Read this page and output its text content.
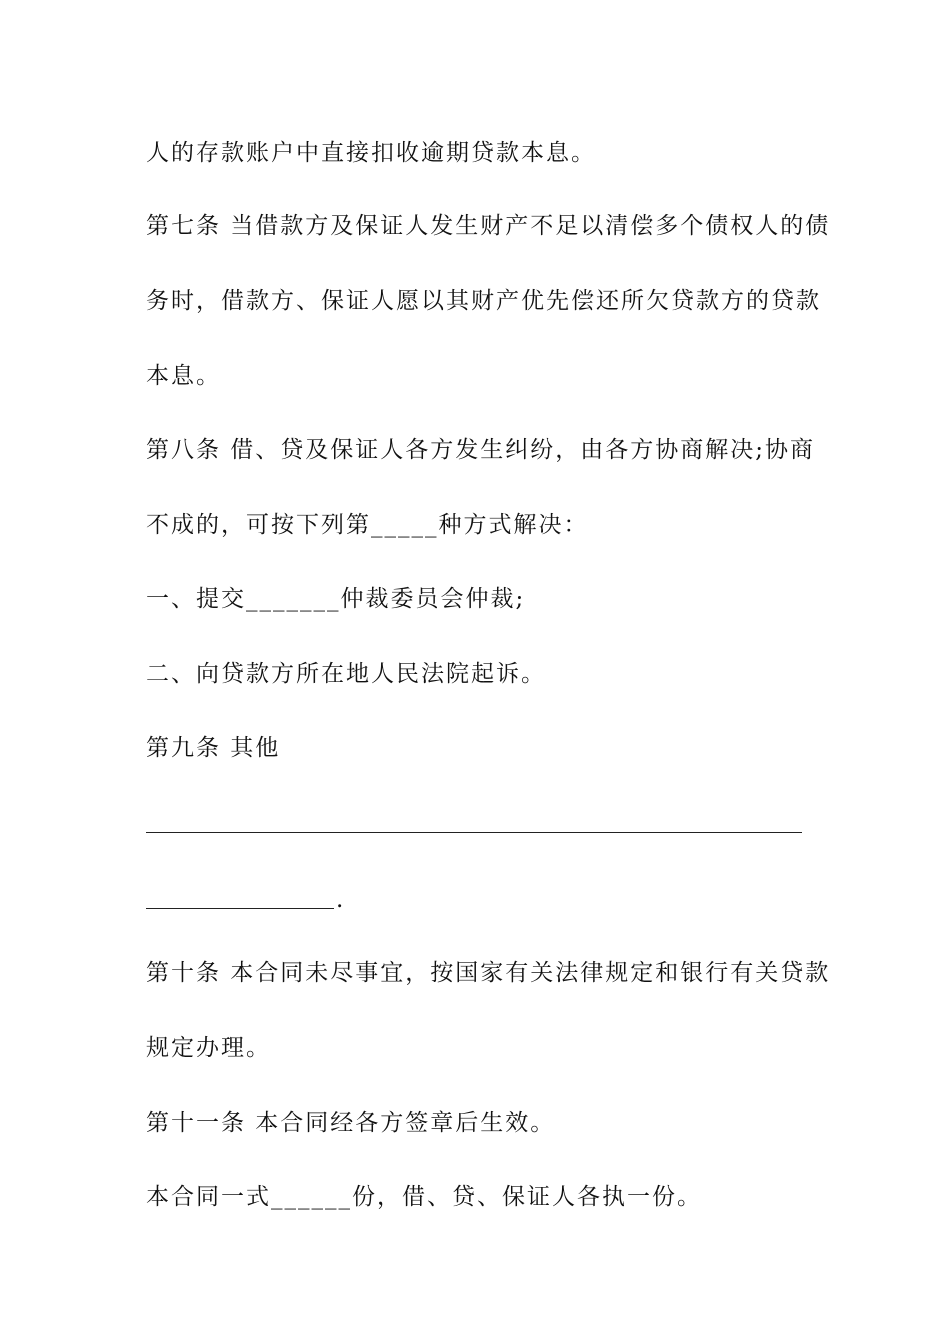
人的存款账户中直接扣收逾期贷款本息。
第七条 当借款方及保证人发生财产不足以清偿多个债权人的债
务时，借款方、保证人愿以其财产优先偿还所欠贷款方的贷款
本息。
第八条 借、贷及保证人各方发生纠纷，由各方协商解决;协商
不成的，可按下列第_____种方式解决：
一、提交_______仲裁委员会仲裁;
二、向贷款方所在地人民法院起诉。
第九条 其他
.
第十条 本合同未尽事宜，按国家有关法律规定和银行有关贷款
规定办理。
第十一条 本合同经各方签章后生效。
本合同一式______份，借、贷、保证人各执一份。
